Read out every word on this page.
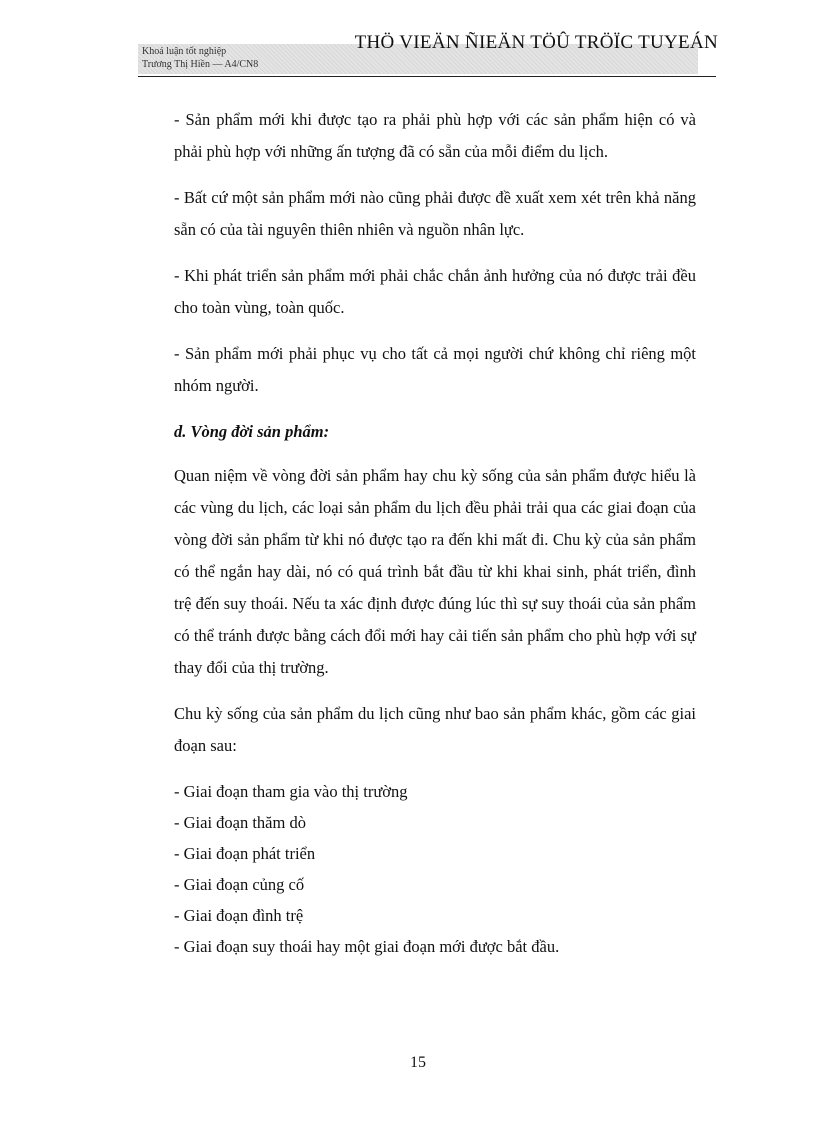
Khoá luận tốt nghiệp
Trương Thị Hiền — A4/CN8
THÖ VIEÄN ÑIEÄN TÖÛ TRÖÏC TUYEÁN

- Sản phẩm mới khi được tạo ra phải phù hợp với các sản phẩm hiện có và phải phù hợp với những ấn tượng đã có sẵn của mỗi điểm du lịch.

- Bất cứ một sản phẩm mới nào cũng phải được đề xuất xem xét trên khả năng sẵn có của tài nguyên thiên nhiên và nguồn nhân lực.

- Khi phát triển sản phẩm mới phải chắc chắn ảnh hưởng của nó được trải đều cho toàn vùng, toàn quốc.

- Sản phẩm mới phải phục vụ cho tất cả mọi người chứ không chỉ riêng một nhóm người.

d. Vòng đời sản phẩm:

Quan niệm về vòng đời sản phẩm hay chu kỳ sống của sản phẩm được hiểu là các vùng du lịch, các loại sản phẩm du lịch đều phải trải qua các giai đoạn của vòng đời sản phẩm từ khi nó được tạo ra đến khi mất đi. Chu kỳ của sản phẩm có thể ngắn hay dài, nó có quá trình bắt đầu từ khi khai sinh, phát triển, đình trệ đến suy thoái. Nếu ta xác định được đúng lúc thì sự suy thoái của sản phẩm có thể tránh được bằng cách đổi mới hay cải tiến sản phẩm cho phù hợp với sự thay đổi của thị trường.

Chu kỳ sống của sản phẩm du lịch cũng như bao sản phẩm khác, gồm các giai đoạn sau:

- Giai đoạn tham gia vào thị trường
- Giai đoạn thăm dò
- Giai đoạn phát triển
- Giai đoạn củng cố
- Giai đoạn đình trệ
- Giai đoạn suy thoái hay một giai đoạn mới được bắt đầu.
15
